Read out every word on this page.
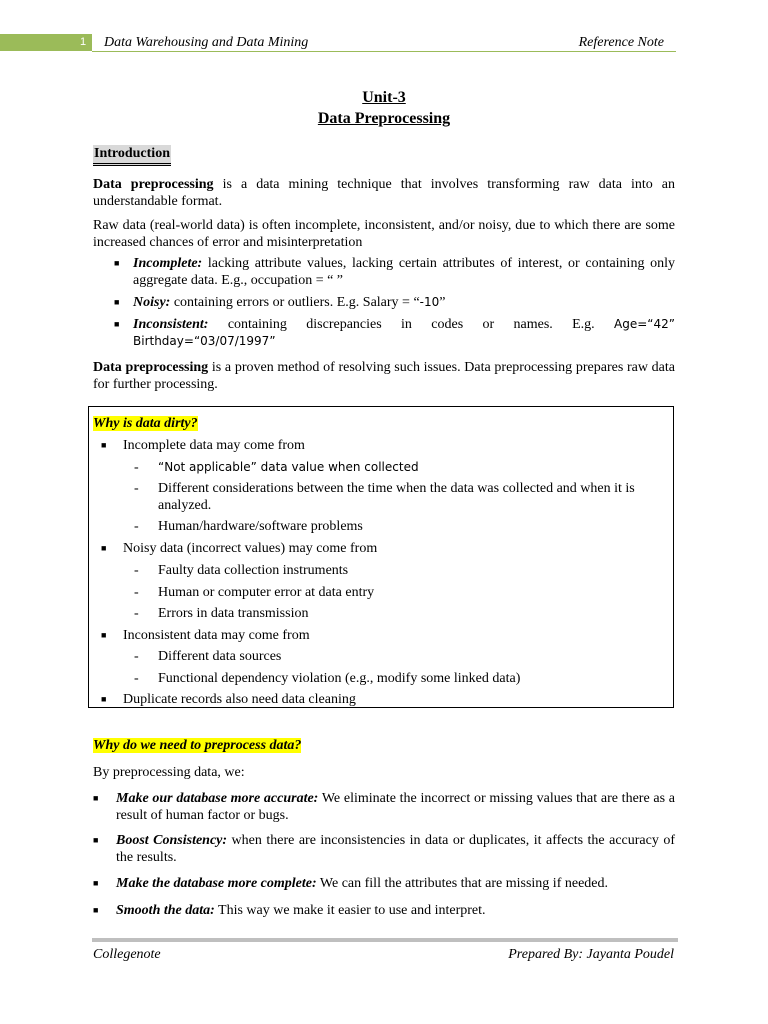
1	Data Warehousing and Data Mining	Reference Note
Unit-3
Data Preprocessing
Introduction
Data preprocessing is a data mining technique that involves transforming raw data into an understandable format.
Raw data (real-world data) is often incomplete, inconsistent, and/or noisy, due to which there are some increased chances of error and misinterpretation
■ Incomplete: lacking attribute values, lacking certain attributes of interest, or containing only aggregate data. E.g., occupation = “ ”
■ Noisy: containing errors or outliers. E.g. Salary = “-10”
■ Inconsistent: containing discrepancies in codes or names. E.g. Age=“42” Birthday=“03/07/1997”
Data preprocessing is a proven method of resolving such issues. Data preprocessing prepares raw data for further processing.
Why is data dirty?
■ Incomplete data may come from
- “Not applicable” data value when collected
- Different considerations between the time when the data was collected and when it is analyzed.
- Human/hardware/software problems
■ Noisy data (incorrect values) may come from
- Faulty data collection instruments
- Human or computer error at data entry
- Errors in data transmission
■ Inconsistent data may come from
- Different data sources
- Functional dependency violation (e.g., modify some linked data)
■ Duplicate records also need data cleaning
Why do we need to preprocess data?
By preprocessing data, we:
■ Make our database more accurate: We eliminate the incorrect or missing values that are there as a result of human factor or bugs.
■ Boost Consistency: when there are inconsistencies in data or duplicates, it affects the accuracy of the results.
■ Make the database more complete: We can fill the attributes that are missing if needed.
■ Smooth the data: This way we make it easier to use and interpret.
Collegenote	Prepared By: Jayanta Poudel
